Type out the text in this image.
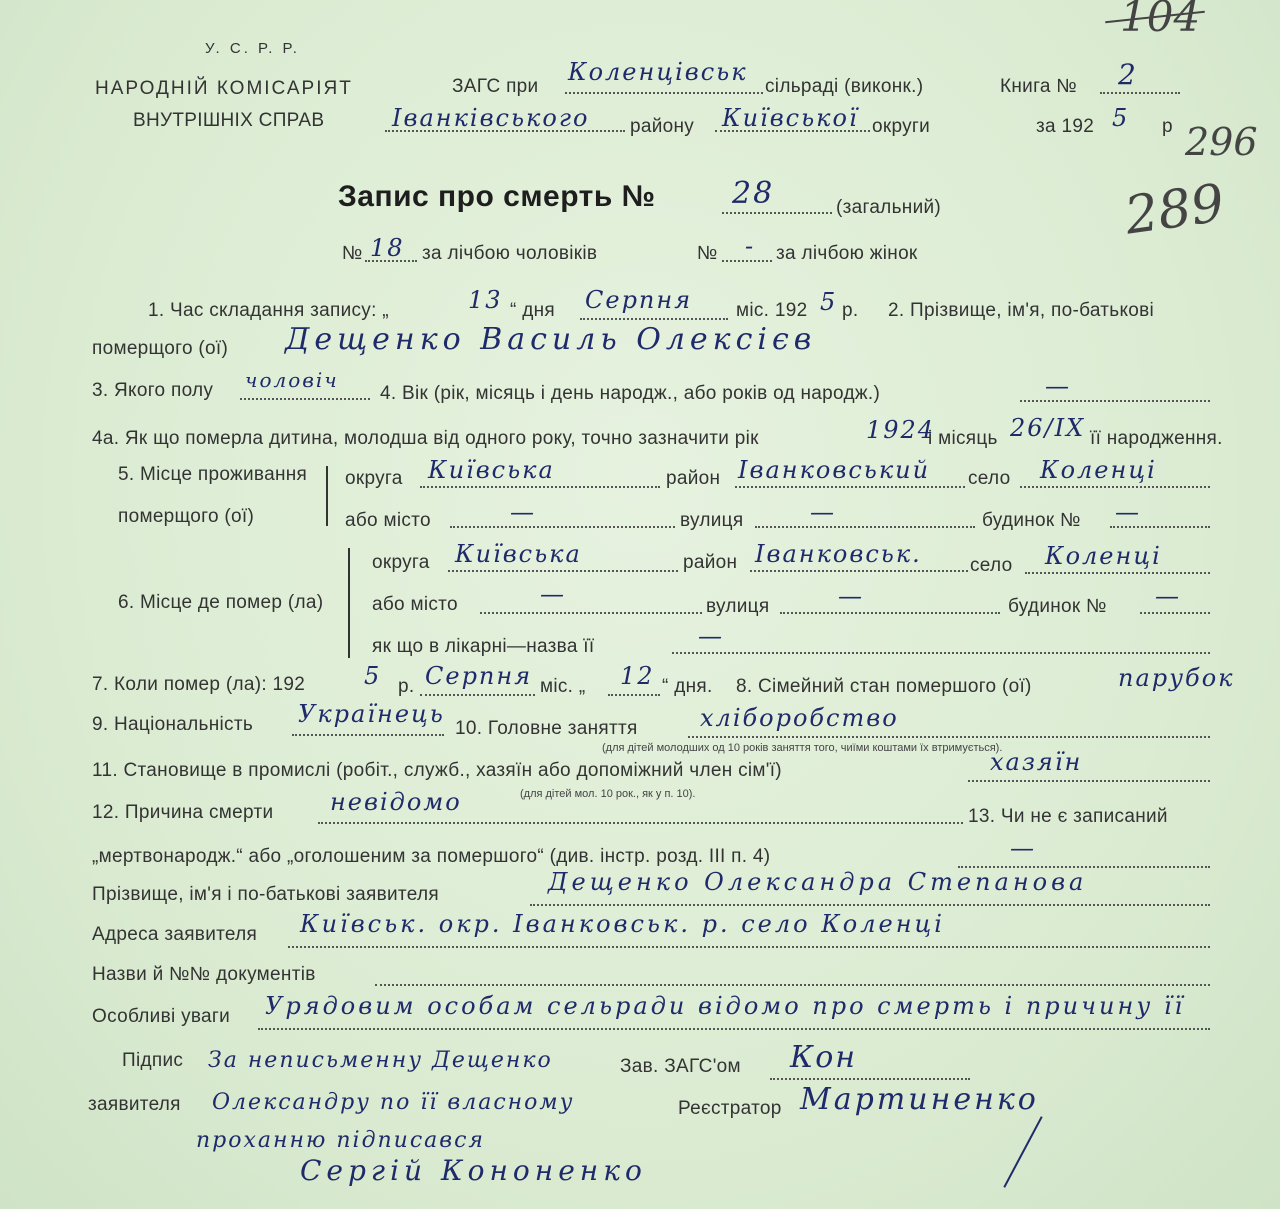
104
296
289
У. С. Р. Р.
НАРОДНІЙ КОМІСАРІЯТ
ВНУТРІШНІХ СПРАВ
ЗАГС при
Коленцівськ
сільраді (виконк.)
Іванківського району Київської округи
Книга № 2
за 192 5 р
Запис про смерть №	28	(загальний)
№ 18 за лічбою чоловіків	№ - за лічбою жінок
1. Час складання запису: „	13 “ дня Серпня міс. 192 5 р. 2. Прізвище, ім'я, по-батькові
померщого (ої) Дещенко Василь Олексієв
3. Якого полу чоловіч
4. Вік (рік, місяць і день народж., або років од народж.)	—
4а. Як що померла дитина, молодша від одного року, точно зазначити рік	1924
і місяць 26/IX її народження.
5. Місце проживання
померщого (ої)
округа Київська	район Іванковський село Коленці
або місто	—	вулиця	—	будинок № —
6. Місце де помер (ла)
округа Київська	район Іванковськ.	село Коленці
або місто	—	вулиця	—	будинок № —
як що в лікарні—назва її	—
7. Коли помер (ла): 192 5 р. Серпня міс. „ 12 “ дня. 8. Сімейний стан помершого (ої)	парубок
9. Національність Українець
10. Головне заняття	хліборобство
(для дітей молодших од 10 років заняття того, чиїми коштами їх втримується).
11. Становище в промислі (робіт., служб., хазяїн або допоміжний член сім'ї)	хазяїн
(для дітей мол. 10 рок., як у п. 10).
12. Причина смерти невідомо
13. Чи не є записаний
„мертвонародж.“ або „оголошеним за помершого“ (див. інстр. розд. III п. 4)	—
Прізвище, ім'я і по-батькові заявителя	Дещенко Олександра Степанова
Адреса заявителя Київськ. окр. Іванковськ. р. село Коленці
Назви й №№ документів
Особливі уваги Урядовим особам сельради відомо про смерть і причину її
Підпис
заявителя
За неписьменну Дещенко
Олександру по її власному
проханню підписався
Сергій Кононенко
Зав. ЗАГС'ом Кон
Реєстратор Мартиненко
